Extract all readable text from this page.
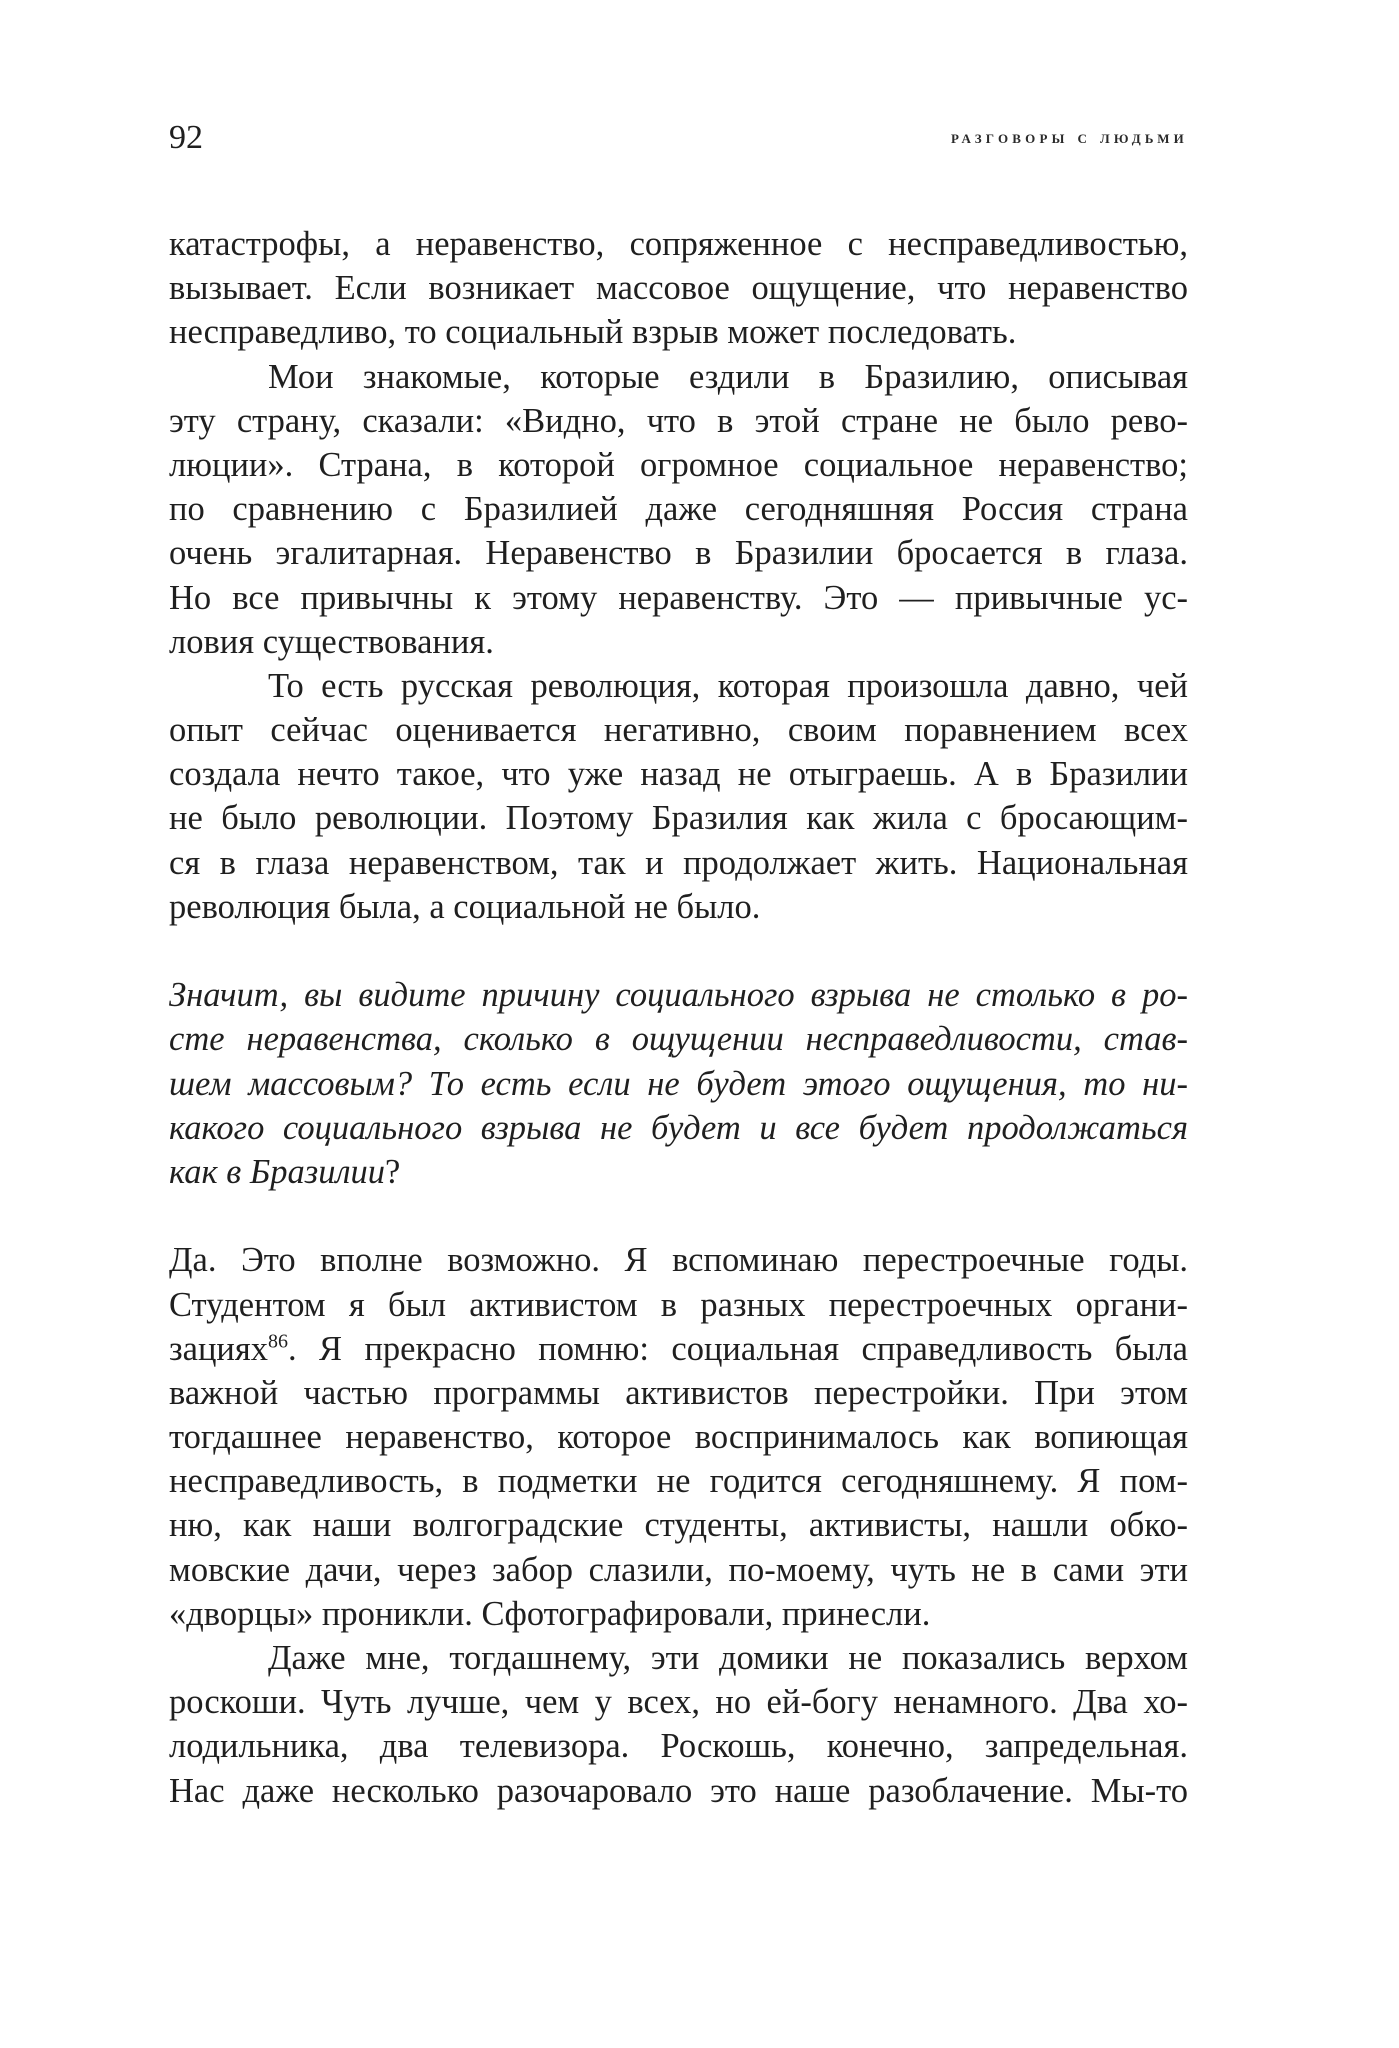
92	разговоры с людьми
катастрофы, а неравенство, сопряженное с несправедливостью,
вызывает. Если возникает массовое ощущение, что неравенство
несправедливо, то социальный взрыв может последовать.
Мои знакомые, которые ездили в Бразилию, описывая
эту страну, сказали: «Видно, что в этой стране не было рево-
люции». Страна, в которой огромное социальное неравенство;
по сравнению с Бразилией даже сегодняшняя Россия страна
очень эгалитарная. Неравенство в Бразилии бросается в глаза.
Но все привычны к этому неравенству. Это — привычные ус-
ловия существования.
То есть русская революция, которая произошла давно, чей
опыт сейчас оценивается негативно, своим поравнением всех
создала нечто такое, что уже назад не отыграешь. А в Бразилии
не было революции. Поэтому Бразилия как жила с бросающим-
ся в глаза неравенством, так и продолжает жить. Национальная
революция была, а социальной не было.
Значит, вы видите причину социального взрыва не столько в ро-
сте неравенства, сколько в ощущении несправедливости, став-
шем массовым? То есть если не будет этого ощущения, то ни-
какого социального взрыва не будет и все будет продолжаться
как в Бразилии?
Да. Это вполне возможно. Я вспоминаю перестроечные годы.
Студентом я был активистом в разных перестроечных органи-
зациях$^{86}$. Я прекрасно помню: социальная справедливость была
важной частью программы активистов перестройки. При этом
тогдашнее неравенство, которое воспринималось как вопиющая
несправедливость, в подметки не годится сегодняшнему. Я пом-
ню, как наши волгоградские студенты, активисты, нашли обко-
мовские дачи, через забор слазили, по-моему, чуть не в сами эти
«дворцы» проникли. Сфотографировали, принесли.
Даже мне, тогдашнему, эти домики не показались верхом
роскоши. Чуть лучше, чем у всех, но ей-богу ненамного. Два хо-
лодильника, два телевизора. Роскошь, конечно, запредельная.
Нас даже несколько разочаровало это наше разоблачение. Мы-то
